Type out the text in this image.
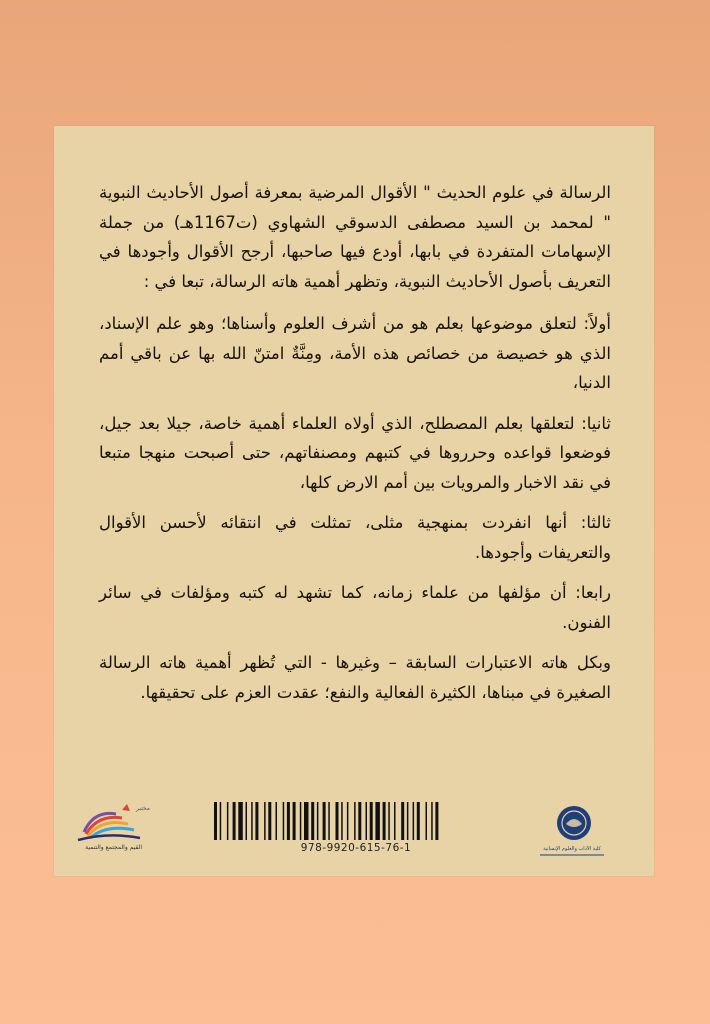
الرسالة في علوم الحديث " الأقوال المرضية بمعرفة أصول الأحاديث النبوية " لمحمد بن السيد مصطفى الدسوقي الشهاوي (ت1167هـ) من جملة الإسهامات المتفردة في بابها، أودع فيها صاحبها، أرجح الأقوال وأجودها في التعريف بأصول الأحاديث النبوية، وتظهر أهمية هاته الرسالة، تبعا في :

أولاً: لتعلق موضوعها بعلم هو من أشرف العلوم وأسناها؛ وهو علم الإسناد، الذي هو خصيصة من خصائص هذه الأمة، ومِنَّةٌ امتنّ الله بها عن باقي أمم الدنيا،

ثانيا: لتعلقها بعلم المصطلح، الذي أولاه العلماء أهمية خاصة، جيلا بعد جيل، فوضعوا قواعده وحرروها في كتبهم ومصنفاتهم، حتى أصبحت منهجا متبعا في نقد الاخبار والمرويات بين أمم الارض كلها،

ثالثا: أنها انفردت بمنهجية مثلى، تمثلت في انتقائه لأحسن الأقوال والتعريفات وأجودها.

رابعا: أن مؤلفها من علماء زمانه، كما تشهد له كتبه ومؤلفات في سائر الفنون.

وبكل هاته الاعتبارات السابقة – وغيرها - التي تُظهر أهمية هاته الرسالة الصغيرة في مبناها، الكثيرة الفعالية والنفع؛ عقدت العزم على تحقيقها.

مختبر
القيم والمجتمع والتنمية	978-9920-615-76-1	كلية الآداب والعلوم الإنسانية
